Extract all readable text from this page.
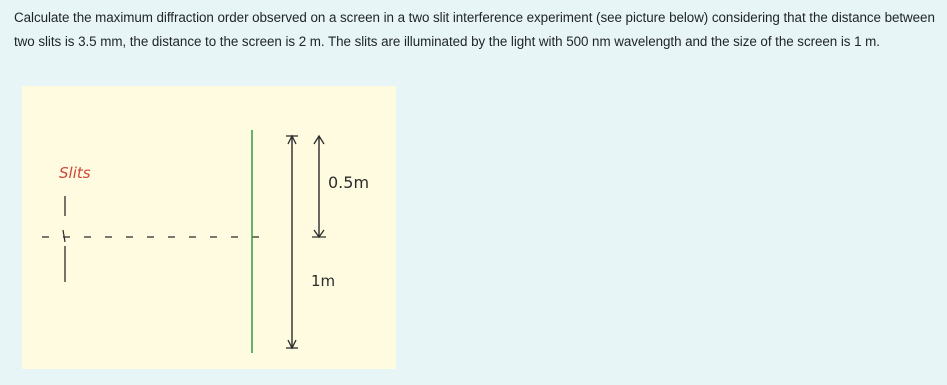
Calculate the maximum diffraction order observed on a screen in a two slit interference experiment (see picture below) considering that the distance between two slits is 3.5 mm, the distance to the screen is 2 m. The slits are illuminated by the light with 500 nm wavelength and the size of the screen is 1 m.

Slits	0.5m
1m
